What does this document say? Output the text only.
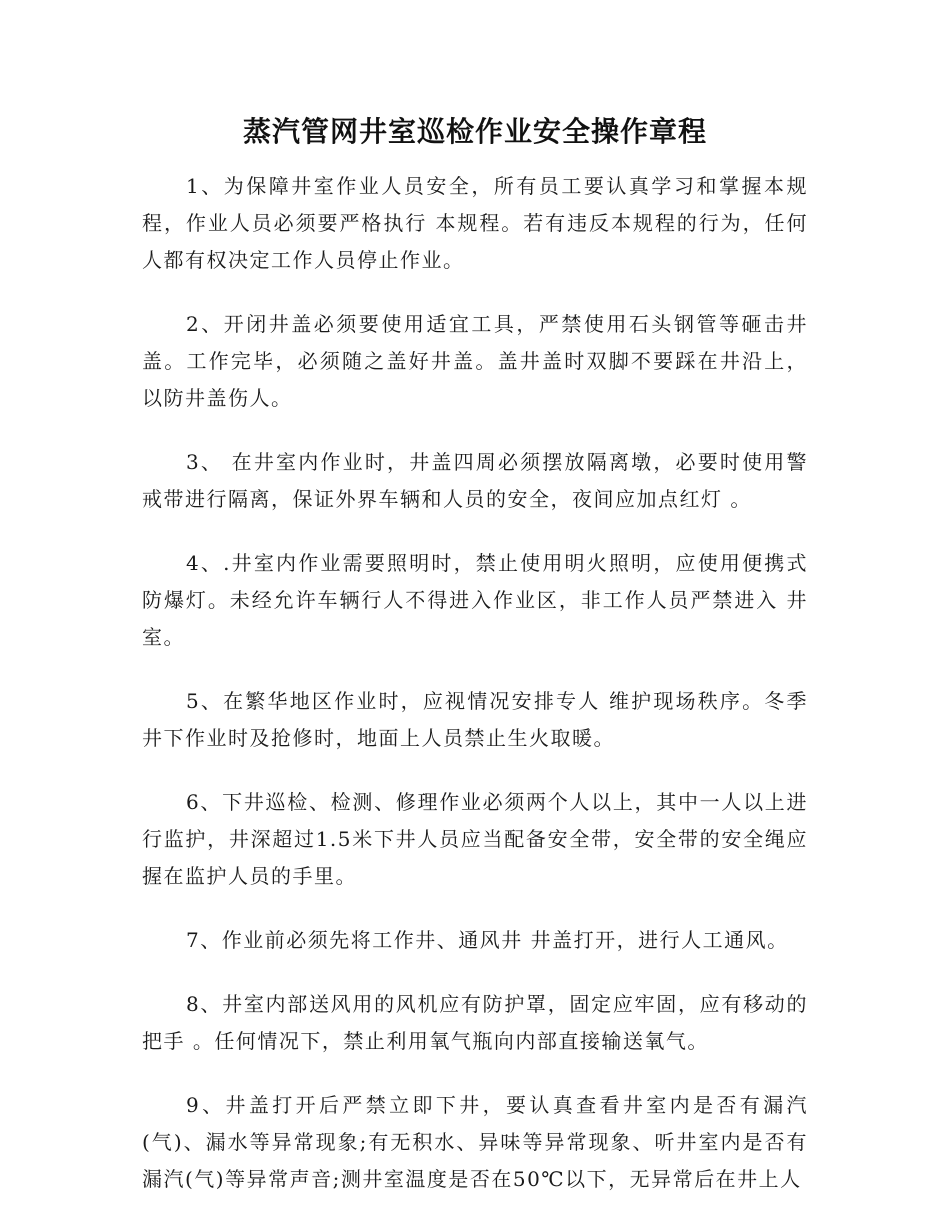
蒸汽管网井室巡检作业安全操作章程

1、为保障井室作业人员安全，所有员工要认真学习和掌握本规程，作业人员必须要严格执行 本规程。若有违反本规程的行为，任何人都有权决定工作人员停止作业。

2、开闭井盖必须要使用适宜工具，严禁使用石头钢管等砸击井盖。工作完毕，必须随之盖好井盖。盖井盖时双脚不要踩在井沿上，以防井盖伤人。

3、 在井室内作业时，井盖四周必须摆放隔离墩，必要时使用警戒带进行隔离，保证外界车辆和人员的安全，夜间应加点红灯 。

4、.井室内作业需要照明时，禁止使用明火照明，应使用便携式防爆灯。未经允许车辆行人不得进入作业区，非工作人员严禁进入 井室。

5、在繁华地区作业时，应视情况安排专人 维护现场秩序。冬季井下作业时及抢修时，地面上人员禁止生火取暖。

6、下井巡检、检测、修理作业必须两个人以上，其中一人以上进行监护，井深超过1.5米下井人员应当配备安全带，安全带的安全绳应握在监护人员的手里。

7、作业前必须先将工作井、通风井 井盖打开，进行人工通风。

8、井室内部送风用的风机应有防护罩，固定应牢固，应有移动的把手 。任何情况下，禁止利用氧气瓶向内部直接输送氧气。

9、井盖打开后严禁立即下井，要认真查看井室内是否有漏汽(气)、漏水等异常现象;有无积水、异味等异常现象、听井室内是否有漏汽(气)等异常声音;测井室温度是否在50℃以下，无异常后在井上人
